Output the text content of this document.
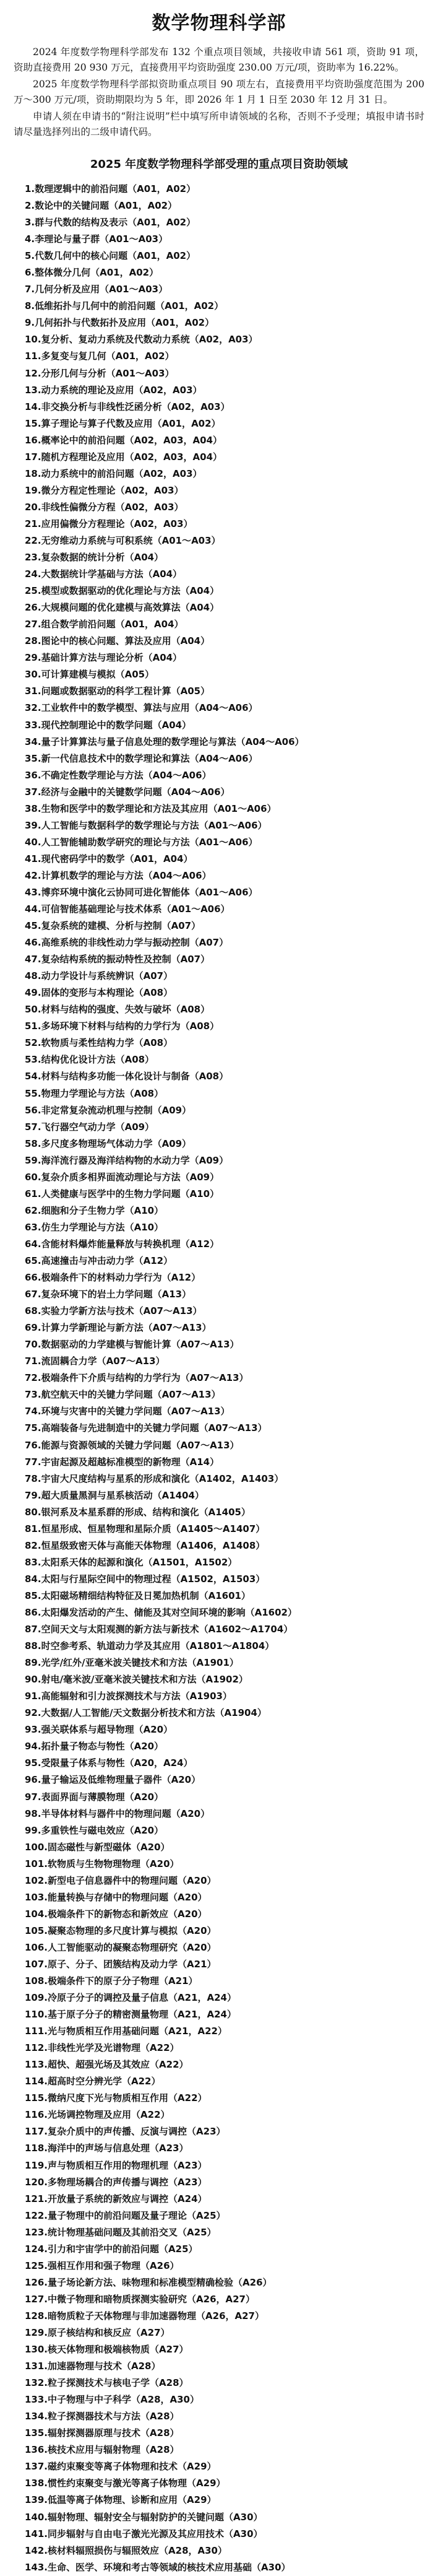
数学物理科学部

2024 年度数学物理科学部发布 132 个重点项目领域，共接收申请 561 项，资助 91 项，资助直接费用 20 930 万元，直接费用平均资助强度 230.00 万元/项，资助率为 16.22%。

2025 年度数学物理科学部拟资助重点项目 90 项左右，直接费用平均资助强度范围为 200 万～300 万元/项，资助期限均为 5 年，即 2026 年 1 月 1 日至 2030 年 12 月 31 日。

申请人须在申请书的“附注说明”栏中填写所申请领域的名称，否则不予受理；填报申请书时请尽量选择列出的二级申请代码。

2025 年度数学物理科学部受理的重点项目资助领域
1.数理逻辑中的前沿问题（A01，A02）
2.数论中的关键问题（A01，A02）
3.群与代数的结构及表示（A01，A02）
4.李理论与量子群（A01～A03）
5.代数几何中的核心问题（A01，A02）
6.整体微分几何（A01，A02）
7.几何分析及应用（A01～A03）
8.低维拓扑与几何中的前沿问题（A01，A02）
9.几何拓扑与代数拓扑及应用（A01，A02）
10.复分析、复动力系统及代数动力系统（A02，A03）
11.多复变与复几何（A01，A02）
12.分形几何与分析（A01～A03）
13.动力系统的理论及应用（A02，A03）
14.非交换分析与非线性泛函分析（A02，A03）
15.算子理论与算子代数及应用（A01，A02）
16.概率论中的前沿问题（A02，A03，A04）
17.随机方程理论及应用（A02，A03，A04）
18.动力系统中的前沿问题（A02，A03）
19.微分方程定性理论（A02，A03）
20.非线性偏微分方程（A02，A03）
21.应用偏微分方程理论（A02，A03）
22.无穷维动力系统与可积系统（A01～A03）
23.复杂数据的统计分析（A04）
24.大数据统计学基础与方法（A04）
25.模型或数据驱动的优化理论与方法（A04）
26.大规模问题的优化建模与高效算法（A04）
27.组合数学前沿问题（A01，A04）
28.图论中的核心问题、算法及应用（A04）
29.基础计算方法与理论分析（A04）
30.可计算建模与模拟（A05）
31.问题或数据驱动的科学工程计算（A05）
32.工业软件中的数学模型、算法与应用（A04～A06）
33.现代控制理论中的数学问题（A04）
34.量子计算算法与量子信息处理的数学理论与算法（A04～A06）
35.新一代信息技术中的数学理论和算法（A04～A06）
36.不确定性数学理论与方法（A04～A06）
37.经济与金融中的关键数学问题（A04～A06）
38.生物和医学中的数学理论和方法及其应用（A01～A06）
39.人工智能与数据科学的数学理论与方法（A01～A06）
40.人工智能辅助数学研究的理论与方法（A01～A06）
41.现代密码学中的数学（A01，A04）
42.计算机数学的理论与方法（A04～A06）
43.博弈环境中演化云协同可进化智能体（A01～A06）
44.可信智能基础理论与技术体系（A01～A06）
45.复杂系统的建模、分析与控制（A07）
46.高维系统的非线性动力学与振动控制（A07）
47.复杂结构系统的振动特性及控制（A07）
48.动力学设计与系统辨识（A07）
49.固体的变形与本构理论（A08）
50.材料与结构的强度、失效与破坏（A08）
51.多场环境下材料与结构的力学行为（A08）
52.软物质与柔性结构力学（A08）
53.结构优化设计方法（A08）
54.材料与结构多功能一体化设计与制备（A08）
55.物理力学理论与方法（A08）
56.非定常复杂流动机理与控制（A09）
57.飞行器空气动力学（A09）
58.多尺度多物理场气体动力学（A09）
59.海洋流行器及海洋结构物的水动力学（A09）
60.复杂介质多相界面流动理论与方法（A09）
61.人类健康与医学中的生物力学问题（A10）
62.细胞和分子生物力学（A10）
63.仿生力学理论与方法（A10）
64.含能材料爆炸能量释放与转换机理（A12）
65.高速撞击与冲击动力学（A12）
66.极端条件下的材料动力学行为（A12）
67.复杂环境下的岩土力学问题（A13）
68.实验力学新方法与技术（A07～A13）
69.计算力学新理论与新方法（A07～A13）
70.数据驱动的力学建模与智能计算（A07～A13）
71.流固耦合力学（A07～A13）
72.极端条件下介质与结构的力学行为（A07～A13）
73.航空航天中的关键力学问题（A07～A13）
74.环境与灾害中的关键力学问题（A07～A13）
75.高端装备与先进制造中的关键力学问题（A07～A13）
76.能源与资源领域的关键力学问题（A07～A13）
77.宇宙起源及超越标准模型的新物理（A14）
78.宇宙大尺度结构与星系的形成和演化（A1402，A1403）
79.超大质量黑洞与星系核活动（A1404）
80.银河系及本星系群的形成、结构和演化（A1405）
81.恒星形成、恒星物理和星际介质（A1405～A1407）
82.恒星级致密天体与高能天体物理（A1406，A1408）
83.太阳系天体的起源和演化（A1501，A1502）
84.太阳与行星际空间中的物理过程（A1502，A1503）
85.太阳磁场精细结构特征及日冕加热机制（A1601）
86.太阳爆发活动的产生、储能及其对空间环境的影响（A1602）
87.空间天文与太阳观测的新方法与新技术（A1602～A1704）
88.时空参考系、轨道动力学及其应用（A1801～A1804）
89.光学/红外/亚毫米波关键技术和方法（A1901）
90.射电/毫米波/亚毫米波关键技术和方法（A1902）
91.高能辐射和引力波探测技术与方法（A1903）
92.大数据/人工智能/天文数据分析技术和方法（A1904）
93.强关联体系与超导物理（A20）
94.拓扑量子物态与物性（A20）
95.受限量子体系与物性（A20，A24）
96.量子输运及低维物理量子器件（A20）
97.表面界面与薄膜物理（A20）
98.半导体材料与器件中的物理问题（A20）
99.多重铁性与磁电效应（A20）
100.固态磁性与新型磁体（A20）
101.软物质与生物物理物理（A20）
102.新型电子信息器件中的物理问题（A20）
103.能量转换与存储中的物理问题（A20）
104.极端条件下的新物态和新效应（A20）
105.凝聚态物理的多尺度计算与模拟（A20）
106.人工智能驱动的凝聚态物理研究（A20）
107.原子、分子、团簇结构及动力学（A21）
108.极端条件下的原子分子物理（A21）
109.冷原子分子的调控及量子信息（A21，A24）
110.基于原子分子的精密测量物理（A21，A24）
111.光与物质相互作用基础问题（A21，A22）
112.非线性光学及光谱物理（A22）
113.超快、超强光场及其效应（A22）
114.超高时空分辨光学（A22）
115.微纳尺度下光与物质相互作用（A22）
116.光场调控物理及应用（A22）
117.复杂介质中的声传播、反演与调控（A23）
118.海洋中的声场与信息处理（A23）
119.声与物质相互作用的物理机理（A23）
120.多物理场耦合的声传播与调控（A23）
121.开放量子系统的新效应与调控（A24）
122.量子物理中的前沿问题及量子理论（A25）
123.统计物理基础问题及其前沿交叉（A25）
124.引力和宇宙学中的前沿问题（A25）
125.强相互作用和强子物理（A26）
126.量子场论新方法、味物理和标准模型精确检验（A26）
127.中微子物理和暗物质探测实验研究（A26，A27）
128.暗物质粒子天体物理与非加速器物理（A26，A27）
129.原子核结构和核反应（A27）
130.核天体物理和极端核物质（A27）
131.加速器物理与技术（A28）
132.粒子探测技术与核电子学（A28）
133.中子物理与中子科学（A28，A30）
134.粒子探测器技术与方法（A28）
135.辐射探测器原理与技术（A28）
136.核技术应用与辐射物理（A28）
137.磁约束聚变等离子体物理和技术（A29）
138.惯性约束聚变与激光等离子体物理（A29）
139.低温等离子体物理、诊断和应用（A29）
140.辐射物理、辐射安全与辐射防护的关键问题（A30）
141.同步辐射与自由电子激光光源及其应用技术（A30）
142.核材料辐照损伤与辐照效应（A28，A30）
143.生命、医学、环境和考古等领域的核技术应用基础（A30）
